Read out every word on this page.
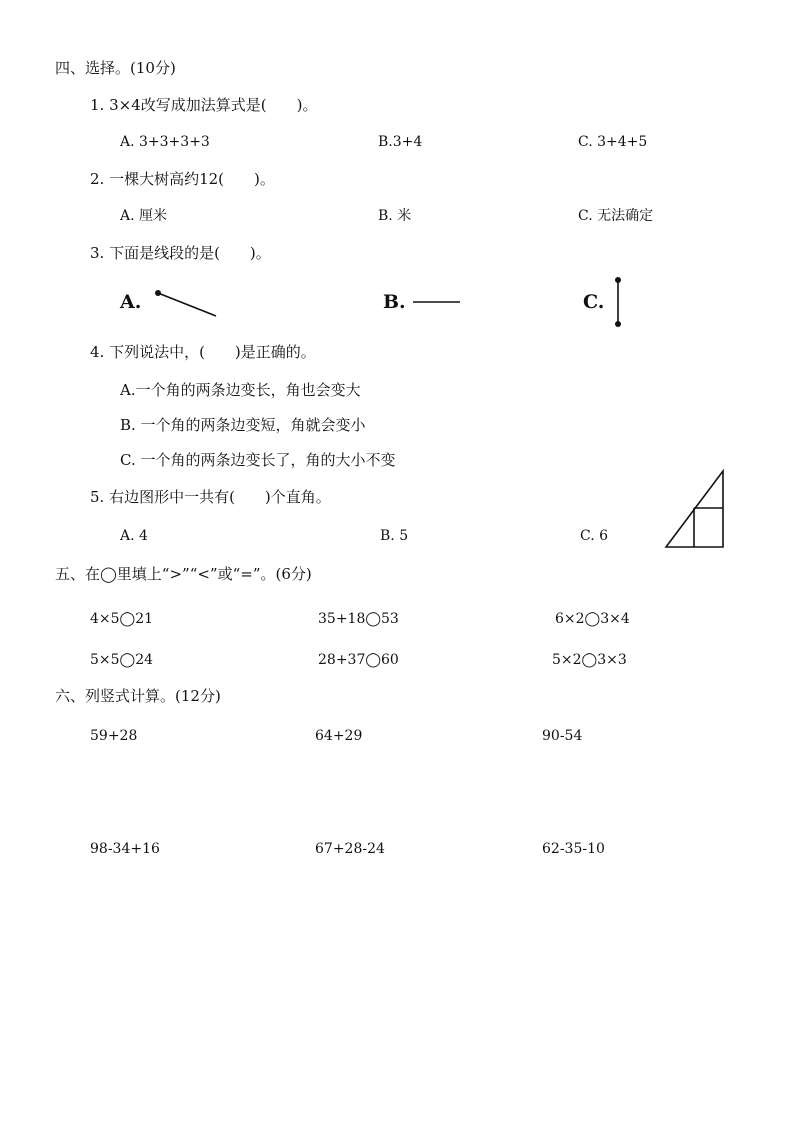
四、选择。(10分)
1. 3×4改写成加法算式是(　　)。
A. 3+3+3+3	B.3+4	C. 3+4+5
2. 一棵大树高约12(　　)。
A. 厘米	B. 米	C. 无法确定
3. 下面是线段的是(　　)。
A.	B.	C.
4. 下列说法中，(　　)是正确的。
A.一个角的两条边变长，角也会变大
B. 一个角的两条边变短，角就会变小
C. 一个角的两条边变长了，角的大小不变
5. 右边图形中一共有(　　)个直角。
A. 4	B. 5	C. 6
五、在◯里填上“>”“<”或“=”。(6分)
4×5◯21	35+18◯53	6×2◯3×4
5×5◯24	28+37◯60	5×2◯3×3
六、列竖式计算。(12分)
59+28	64+29	90-54
98-34+16	67+28-24	62-35-10
